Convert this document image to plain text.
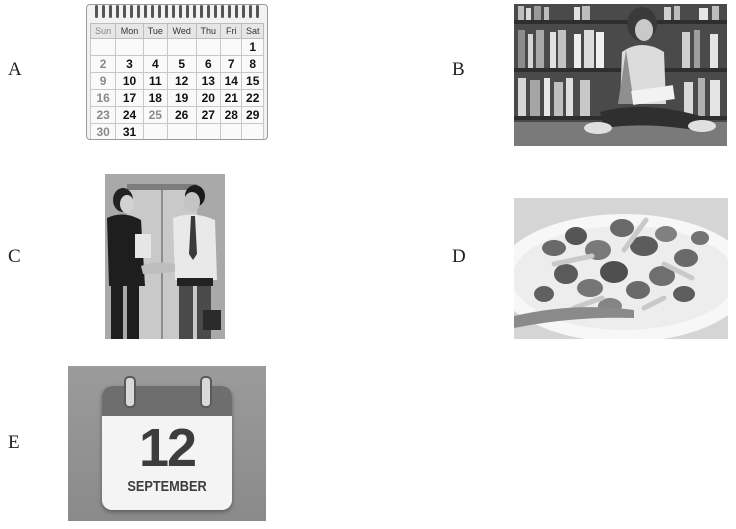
A	B
C	D
E
Sun	Mon	Tue	Wed	Thu	Fri	Sat
						1
2	3	4	5	6	7	8
9	10	11	12	13	14	15
16	17	18	19	20	21	22
23	24	25	26	27	28	29
30	31					
12
SEPTEMBER
